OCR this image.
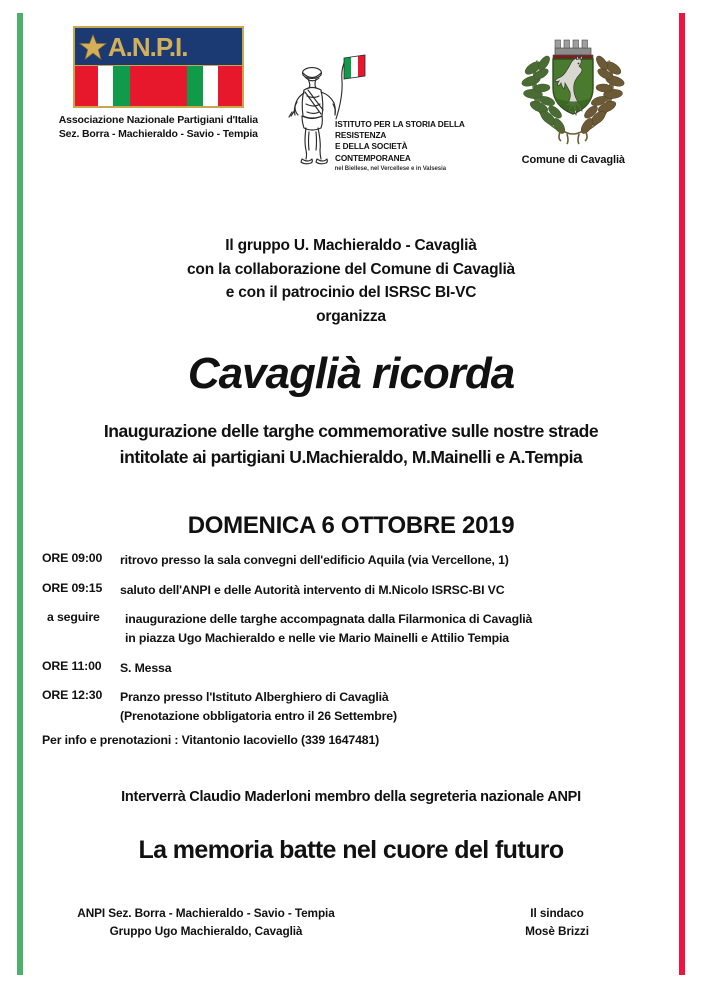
A.N.P.I.
Associazione Nazionale Partigiani d'Italia
Sez. Borra - Machieraldo - Savio - Tempia
ISTITUTO PER LA STORIA DELLA RESISTENZA
E DELLA SOCIETÀ CONTEMPORANEA
nel Biellese, nel Vercellese e in Valsesia
Comune di Cavaglià
Il gruppo U. Machieraldo - Cavaglià
con la collaborazione del Comune di Cavaglià
e con il patrocinio del ISRSC BI-VC
organizza
Cavaglià ricorda
Inaugurazione delle targhe commemorative sulle nostre strade
intitolate ai partigiani U.Machieraldo, M.Mainelli e A.Tempia
DOMENICA 6 OTTOBRE 2019
ORE 09:00	ritrovo presso la sala convegni dell'edificio Aquila (via Vercellone, 1)
ORE 09:15	saluto dell'ANPI e delle Autorità intervento di M.Nicolo ISRSC-BI VC
a seguire	inaugurazione delle targhe accompagnata dalla Filarmonica di Cavaglià
in piazza Ugo Machieraldo e nelle vie Mario Mainelli e Attilio Tempia
ORE 11:00	S. Messa
ORE 12:30	Pranzo presso l'Istituto Alberghiero di Cavaglià
(Prenotazione obbligatoria entro il 26 Settembre)
Per info e prenotazioni : Vitantonio Iacoviello (339 1647481)
Interverrà Claudio Maderloni membro della segreteria nazionale ANPI
La memoria batte nel cuore del futuro
ANPI Sez. Borra - Machieraldo - Savio - Tempia
Gruppo Ugo Machieraldo, Cavaglià
Il sindaco
Mosè Brizzi
